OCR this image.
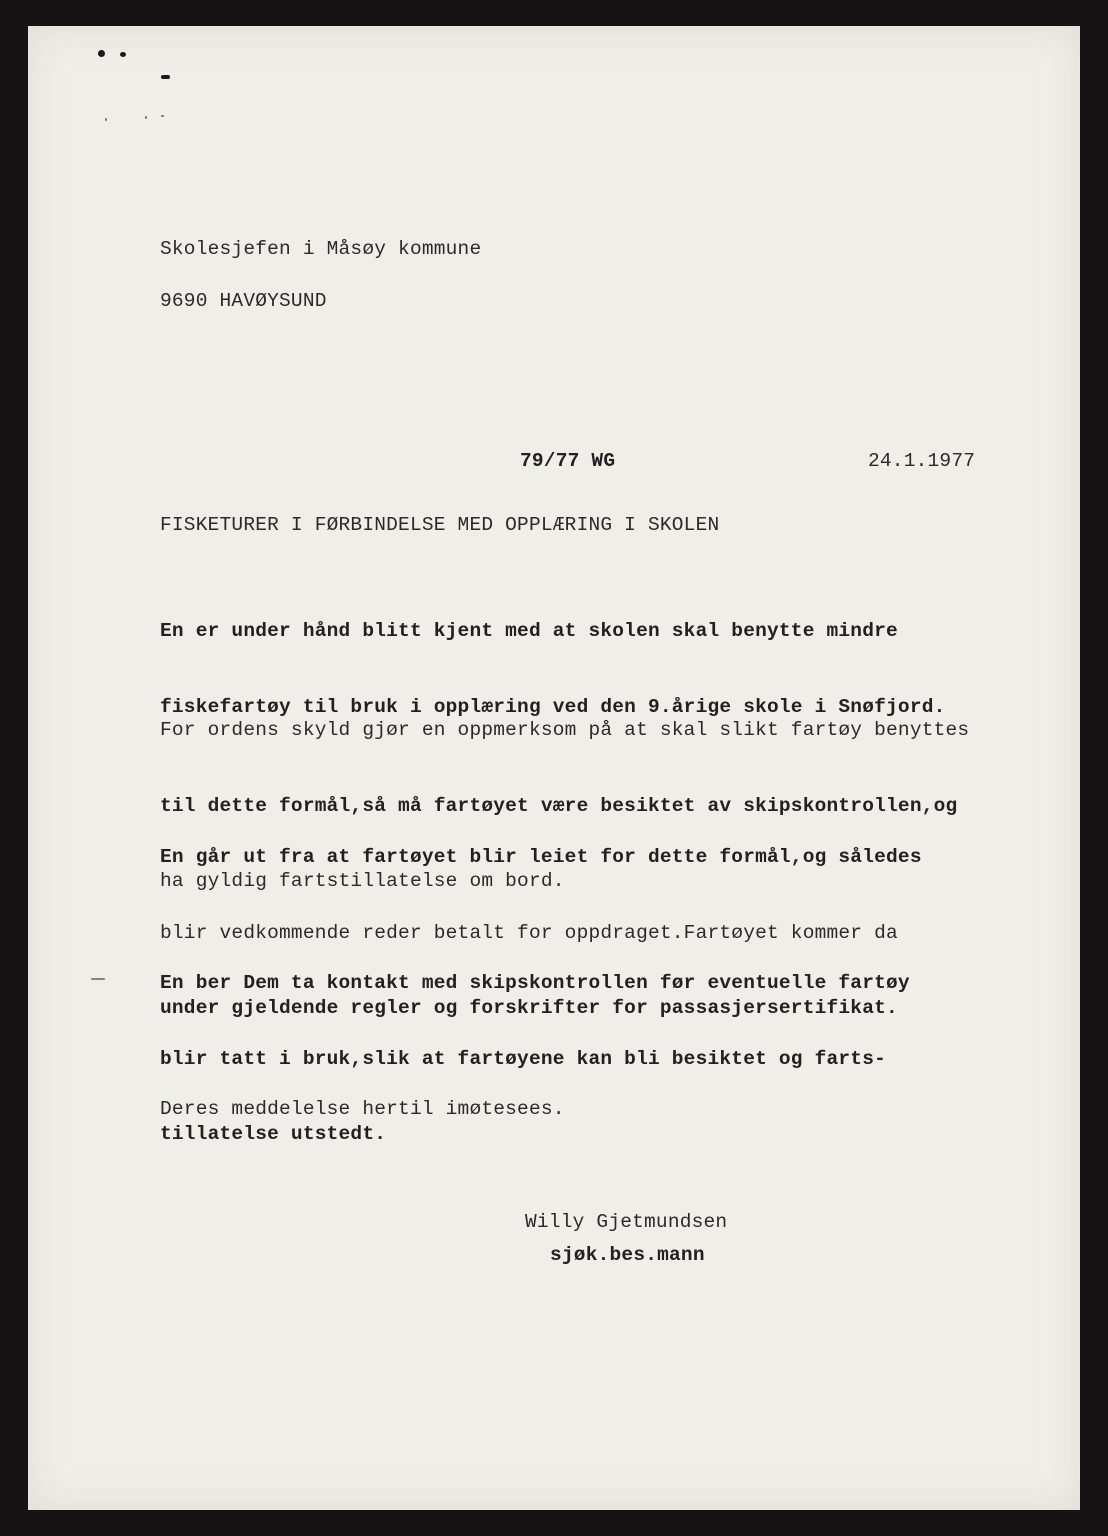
Skolesjefen i Måsøy kommune
9690 HAVØYSUND
79/77 WG	24.1.1977
FISKETURER I FØRBINDELSE MED OPPLÆRING I SKOLEN

En er under hånd blitt kjent med at skolen skal benytte mindre

fiskefartøy til bruk i opplæring ved den 9.årige skole i Snøfjord.

For ordens skyld gjør en oppmerksom på at skal slikt fartøy benyttes

til dette formål,så må fartøyet være besiktet av skipskontrollen,og

ha gyldig fartstillatelse om bord.

En går ut fra at fartøyet blir leiet for dette formål,og således

blir vedkommende reder betalt for oppdraget.Fartøyet kommer da

under gjeldende regler og forskrifter for passasjersertifikat.

En ber Dem ta kontakt med skipskontrollen før eventuelle fartøy

blir tatt i bruk,slik at fartøyene kan bli besiktet og farts-

tillatelse utstedt.

Deres meddelelse hertil imøtesees.

Willy Gjetmundsen
sjøk.bes.mann
